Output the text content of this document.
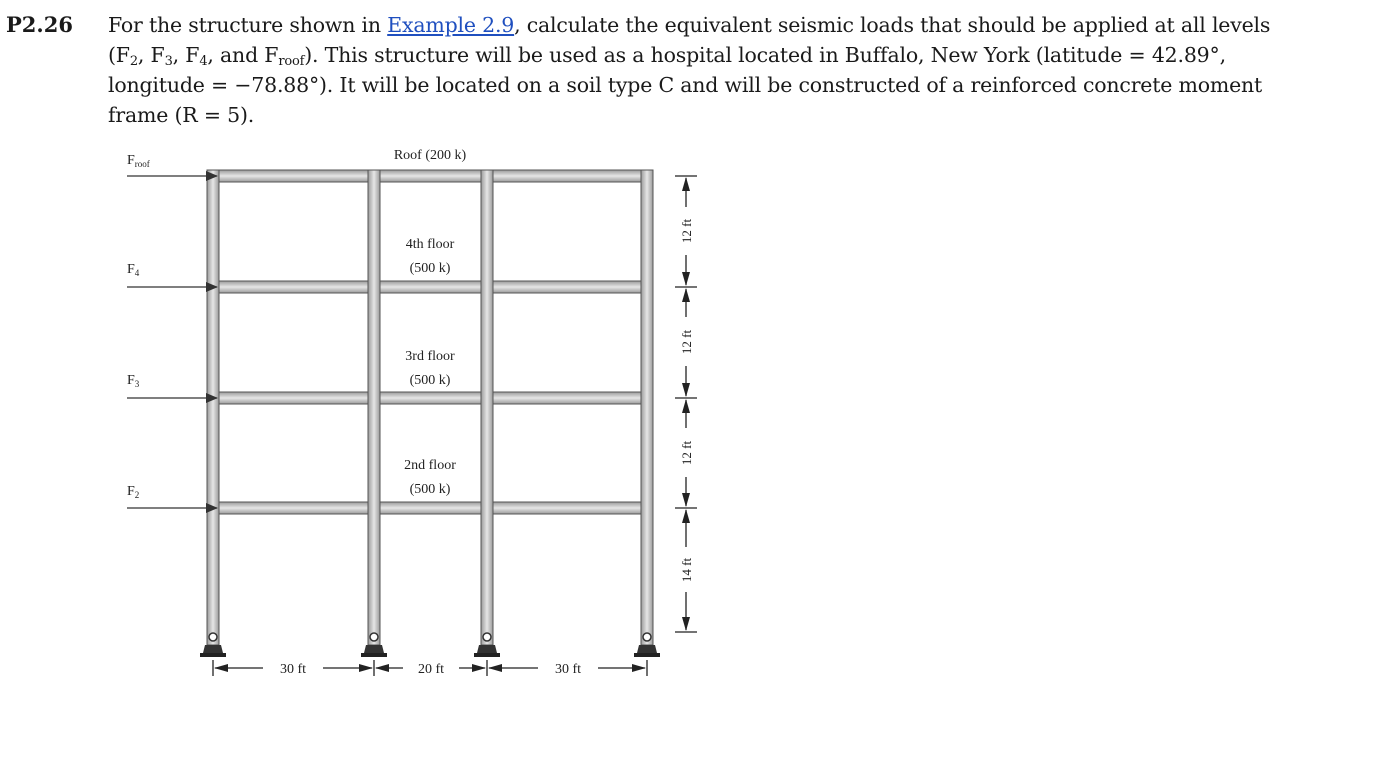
P2.26 For the structure shown in Example 2.9, calculate the equivalent seismic loads that should be applied at all levels
($F_2$, $F_3$, $F_4$, and $F_{roof}$). This structure will be used as a hospital located in Buffalo, New York (latitude = 42.89°,
longitude = −78.88°). It will be located on a soil type C and will be constructed of a reinforced concrete moment
frame (R = 5).
$F_{roof}$
$F_4$
$F_3$
$F_2$
Roof (200 k)
4th floor
(500 k)
3rd floor
(500 k)
2nd floor
(500 k)
12 ft
12 ft
12 ft
14 ft
30 ft	20 ft	30 ft
